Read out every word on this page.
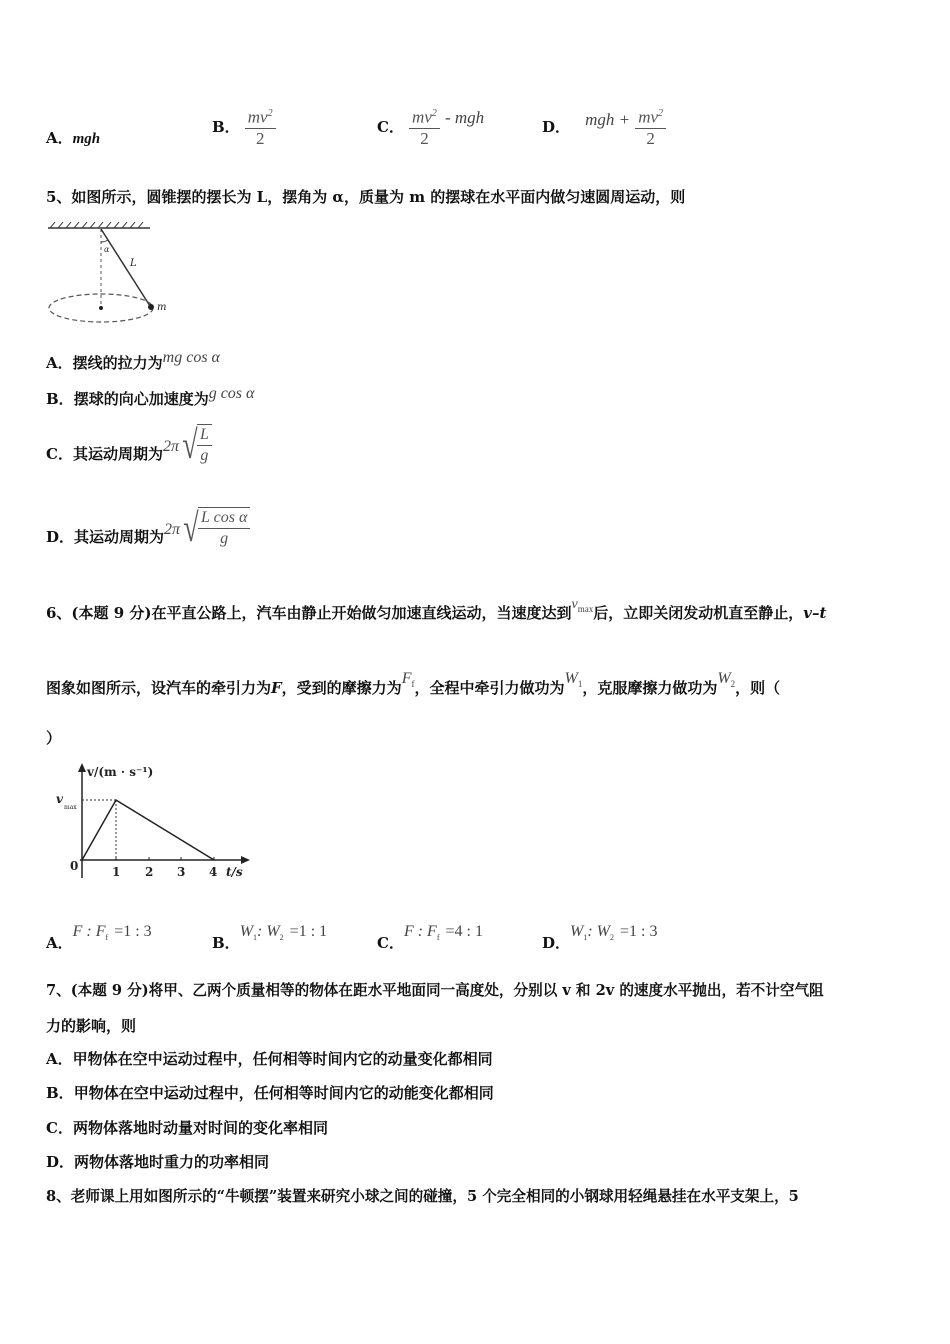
A．mgh
B． $\frac{mv^2}{2}$	C． $\frac{mv^2}{2}$ - mgh	D． mgh + $\frac{mv^2}{2}$
5、如图所示，圆锥摆的摆长为 L，摆角为 α，质量为 m 的摆球在水平面内做匀速圆周运动，则
α
L
m
A．摆线的拉力为mg cos α
B．摆球的向心加速度为g cos α
C．其运动周期为$2\pi√ \frac{L}{g}$
D．其运动周期为$2\pi√ \frac{\text{L cos α}}{g}$
6、(本题 9 分)在平直公路上，汽车由静止开始做匀加速直线运动，当速度达到$v_{max}$后，立即关闭发动机直至静止，v–t
图象如图所示，设汽车的牵引力为F，受到的摩擦力为$F_f$，全程中牵引力做功为$W_1$，克服摩擦力做功为$W_2$，则（
）
v/(m · s⁻¹)
t/s
v
max
0	1 2 3 4
A．F : $F_f =1$ : 3
B．$W_1$: $W_2 =1$ : 1
C．F : $F_f =4$ : 1
D．$W_1$: $W_2 =1$ : 3
7、(本题 9 分)将甲、乙两个质量相等的物体在距水平地面同一高度处，分别以 v 和 2v 的速度水平抛出，若不计空气阻
力的影响，则
A．甲物体在空中运动过程中，任何相等时间内它的动量变化都相同
B．甲物体在空中运动过程中，任何相等时间内它的动能变化都相同
C．两物体落地时动量对时间的变化率相同
D．两物体落地时重力的功率相同
8、老师课上用如图所示的“牛顿摆”装置来研究小球之间的碰撞，5 个完全相同的小钢球用轻绳悬挂在水平支架上，5
